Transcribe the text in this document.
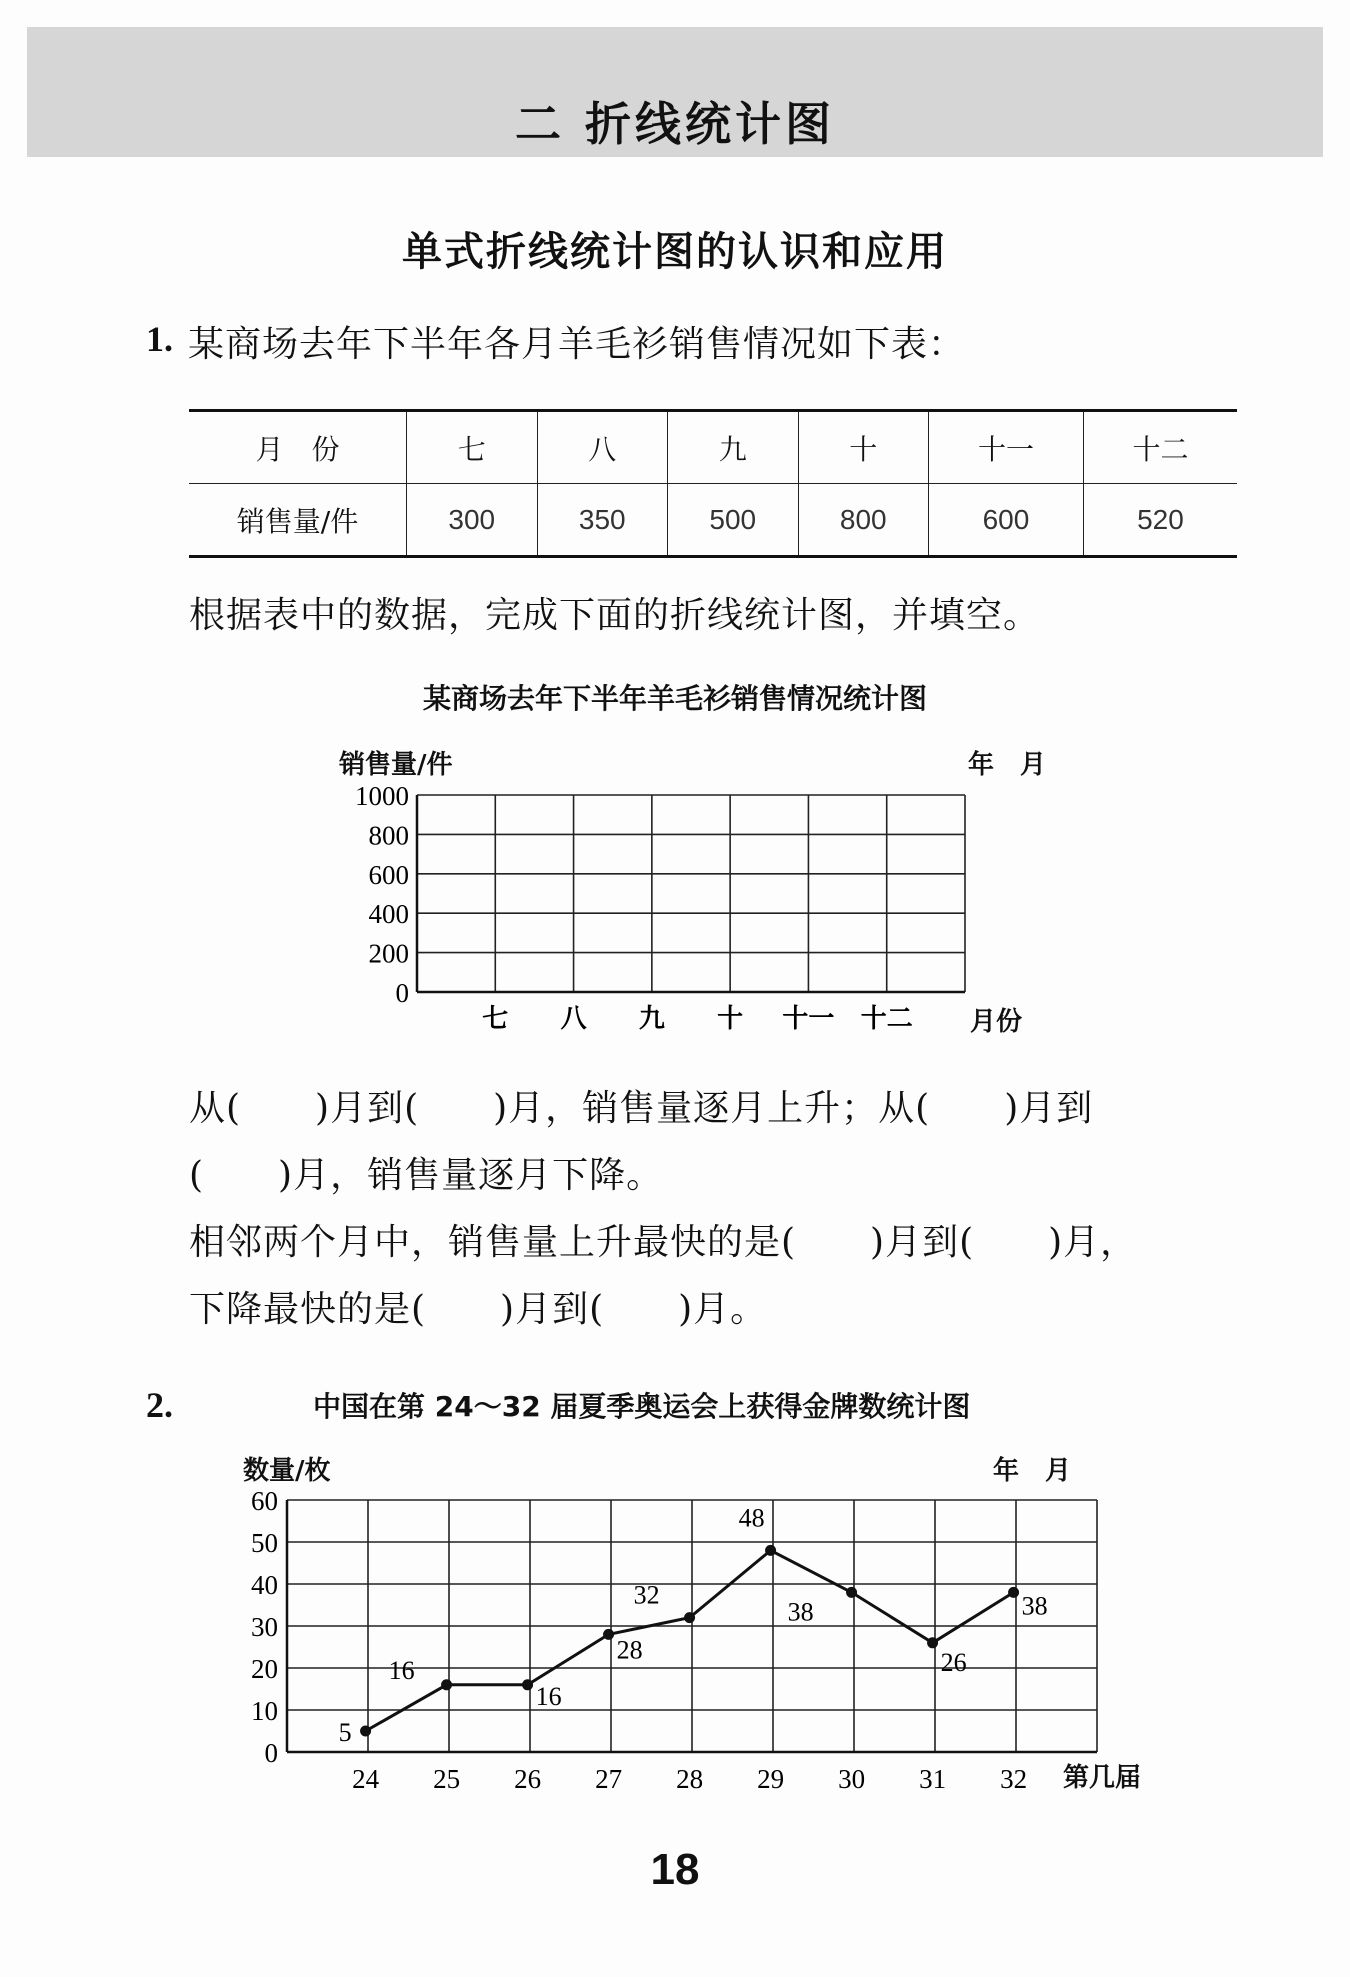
二 折线统计图
单式折线统计图的认识和应用
1. 某商场去年下半年各月羊毛衫销售情况如下表：
月　份	七	八	九	十	十一	十二
销售量/件	300	350	500	800	600	520
根据表中的数据，完成下面的折线统计图，并填空。
某商场去年下半年羊毛衫销售情况统计图
销售量/件	年　月
月份
0
200
400
600
800
1000
七 八 九 十 十一 十二
从(　　)月到(　　)月，销售量逐月上升；从(　　)月到
(　　)月，销售量逐月下降。
相邻两个月中，销售量上升最快的是(　　)月到(　　)月，
下降最快的是(　　)月到(　　)月。
2.	中国在第 24～32 届夏季奥运会上获得金牌数统计图
数量/枚	年　月
第几届
0
10
20
30
40
50
60
24 25 26 27 28 29 30 31 32
5
16
16
28
32
48
38
26
38
18
